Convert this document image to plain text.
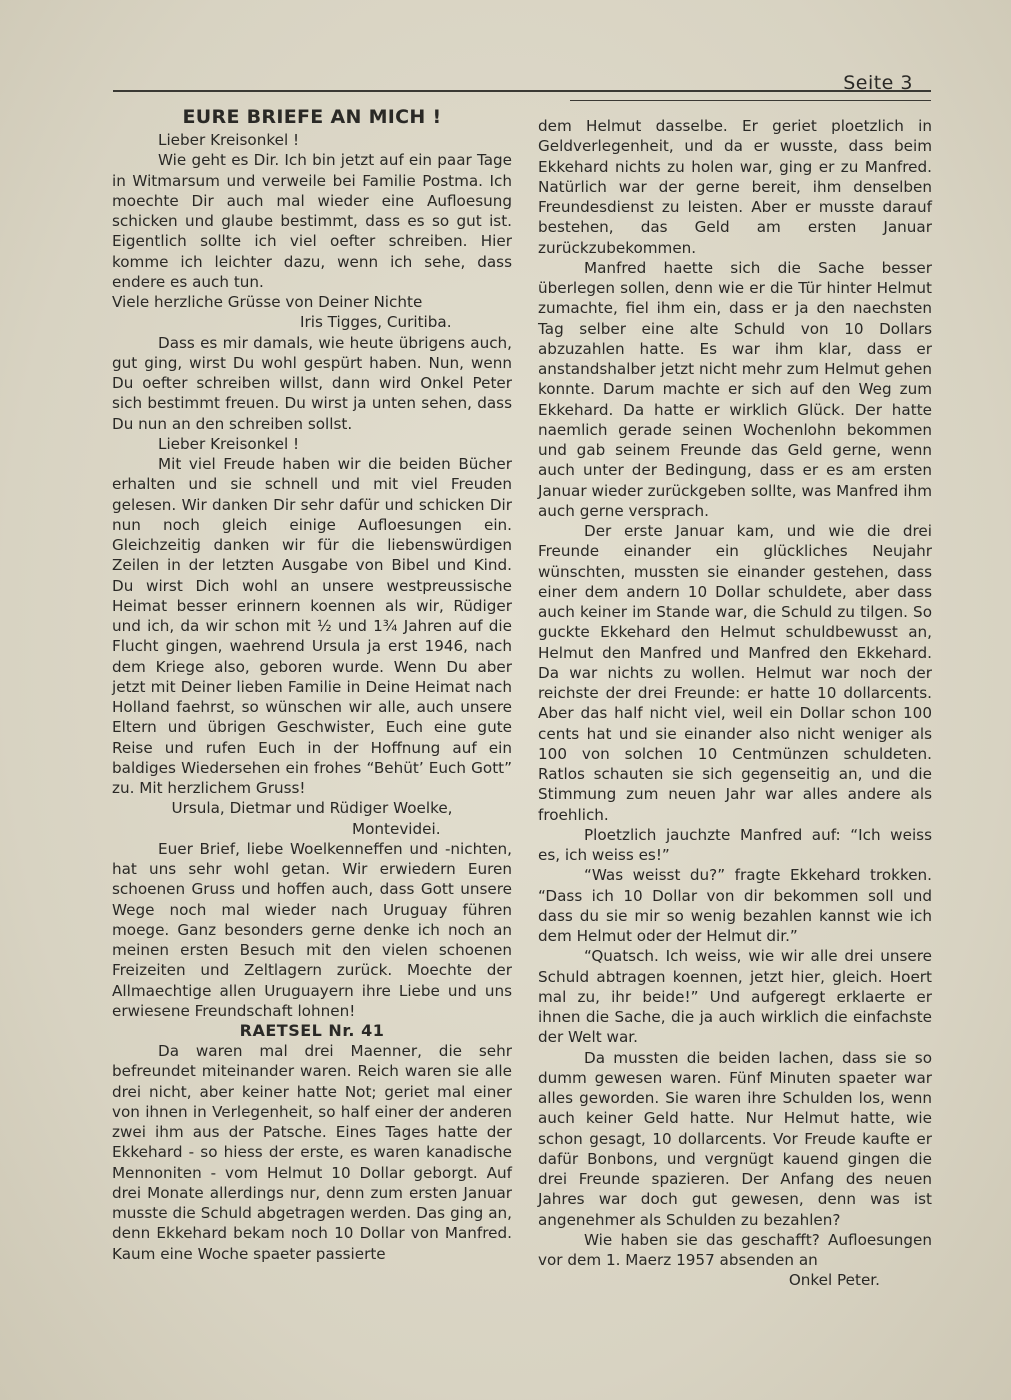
Seite 3

EURE BRIEFE AN MICH !

Lieber Kreisonkel !

Wie geht es Dir. Ich bin jetzt auf ein paar Tage in Witmarsum und verweile bei Familie Postma. Ich moechte Dir auch mal wieder eine Aufloesung schicken und glaube bestimmt, dass es so gut ist. Eigentlich sollte ich viel oefter schreiben. Hier komme ich leichter dazu, wenn ich sehe, dass endere es auch tun.

Viele herzliche Grüsse von Deiner Nichte

Iris Tigges, Curitiba.

Dass es mir damals, wie heute übrigens auch, gut ging, wirst Du wohl gespürt haben. Nun, wenn Du oefter schreiben willst, dann wird Onkel Peter sich bestimmt freuen. Du wirst ja unten sehen, dass Du nun an den schreiben sollst.

Lieber Kreisonkel !

Mit viel Freude haben wir die beiden Bücher erhalten und sie schnell und mit viel Freuden gelesen. Wir danken Dir sehr dafür und schicken Dir nun noch gleich einige Aufloesungen ein. Gleichzeitig danken wir für die liebenswürdigen Zeilen in der letzten Ausgabe von Bibel und Kind. Du wirst Dich wohl an unsere westpreussische Heimat besser erinnern koennen als wir, Rüdiger und ich, da wir schon mit ½ und 1¾ Jahren auf die Flucht gingen, waehrend Ursula ja erst 1946, nach dem Kriege also, geboren wurde. Wenn Du aber jetzt mit Deiner lieben Familie in Deine Heimat nach Holland faehrst, so wünschen wir alle, auch unsere Eltern und übrigen Geschwister, Euch eine gute Reise und rufen Euch in der Hoffnung auf ein baldiges Wiedersehen ein frohes “Behüt’ Euch Gott” zu. Mit herzlichem Gruss!

Ursula, Dietmar und Rüdiger Woelke,

Montevidei.

Euer Brief, liebe Woelkenneffen und -nichten, hat uns sehr wohl getan. Wir erwiedern Euren schoenen Gruss und hoffen auch, dass Gott unsere Wege noch mal wieder nach Uruguay führen moege. Ganz besonders gerne denke ich noch an meinen ersten Besuch mit den vielen schoenen Freizeiten und Zeltlagern zurück. Moechte der Allmaechtige allen Uruguayern ihre Liebe und uns erwiesene Freundschaft lohnen!

RAETSEL Nr. 41

Da waren mal drei Maenner, die sehr befreundet miteinander waren. Reich waren sie alle drei nicht, aber keiner hatte Not; geriet mal einer von ihnen in Verlegenheit, so half einer der anderen zwei ihm aus der Patsche. Eines Tages hatte der Ekkehard - so hiess der erste, es waren kanadische Mennoniten - vom Helmut 10 Dollar geborgt. Auf drei Monate allerdings nur, denn zum ersten Januar musste die Schuld abgetragen werden. Das ging an, denn Ekkehard bekam noch 10 Dollar von Manfred. Kaum eine Woche spaeter passierte

dem Helmut dasselbe. Er geriet ploetzlich in Geldverlegenheit, und da er wusste, dass beim Ekkehard nichts zu holen war, ging er zu Manfred. Natürlich war der gerne bereit, ihm denselben Freundesdienst zu leisten. Aber er musste darauf bestehen, das Geld am ersten Januar zurückzubekommen.

Manfred haette sich die Sache besser überlegen sollen, denn wie er die Tür hinter Helmut zumachte, fiel ihm ein, dass er ja den naechsten Tag selber eine alte Schuld von 10 Dollars abzuzahlen hatte. Es war ihm klar, dass er anstandshalber jetzt nicht mehr zum Helmut gehen konnte. Darum machte er sich auf den Weg zum Ekkehard. Da hatte er wirklich Glück. Der hatte naemlich gerade seinen Wochenlohn bekommen und gab seinem Freunde das Geld gerne, wenn auch unter der Bedingung, dass er es am ersten Januar wieder zurückgeben sollte, was Manfred ihm auch gerne versprach.

Der erste Januar kam, und wie die drei Freunde einander ein glückliches Neujahr wünschten, mussten sie einander gestehen, dass einer dem andern 10 Dollar schuldete, aber dass auch keiner im Stande war, die Schuld zu tilgen. So guckte Ekkehard den Helmut schuldbewusst an, Helmut den Manfred und Manfred den Ekkehard. Da war nichts zu wollen. Helmut war noch der reichste der drei Freunde: er hatte 10 dollarcents. Aber das half nicht viel, weil ein Dollar schon 100 cents hat und sie einander also nicht weniger als 100 von solchen 10 Centmünzen schuldeten. Ratlos schauten sie sich gegenseitig an, und die Stimmung zum neuen Jahr war alles andere als froehlich.

Ploetzlich jauchzte Manfred auf: “Ich weiss es, ich weiss es!”

“Was weisst du?” fragte Ekkehard trokken. “Dass ich 10 Dollar von dir bekommen soll und dass du sie mir so wenig bezahlen kannst wie ich dem Helmut oder der Helmut dir.”

“Quatsch. Ich weiss, wie wir alle drei unsere Schuld abtragen koennen, jetzt hier, gleich. Hoert mal zu, ihr beide!” Und aufgeregt erklaerte er ihnen die Sache, die ja auch wirklich die einfachste der Welt war.

Da mussten die beiden lachen, dass sie so dumm gewesen waren. Fünf Minuten spaeter war alles geworden. Sie waren ihre Schulden los, wenn auch keiner Geld hatte. Nur Helmut hatte, wie schon gesagt, 10 dollarcents. Vor Freude kaufte er dafür Bonbons, und vergnügt kauend gingen die drei Freunde spazieren. Der Anfang des neuen Jahres war doch gut gewesen, denn was ist angenehmer als Schulden zu bezahlen?

Wie haben sie das geschafft? Aufloesungen vor dem 1. Maerz 1957 absenden an

Onkel Peter.
